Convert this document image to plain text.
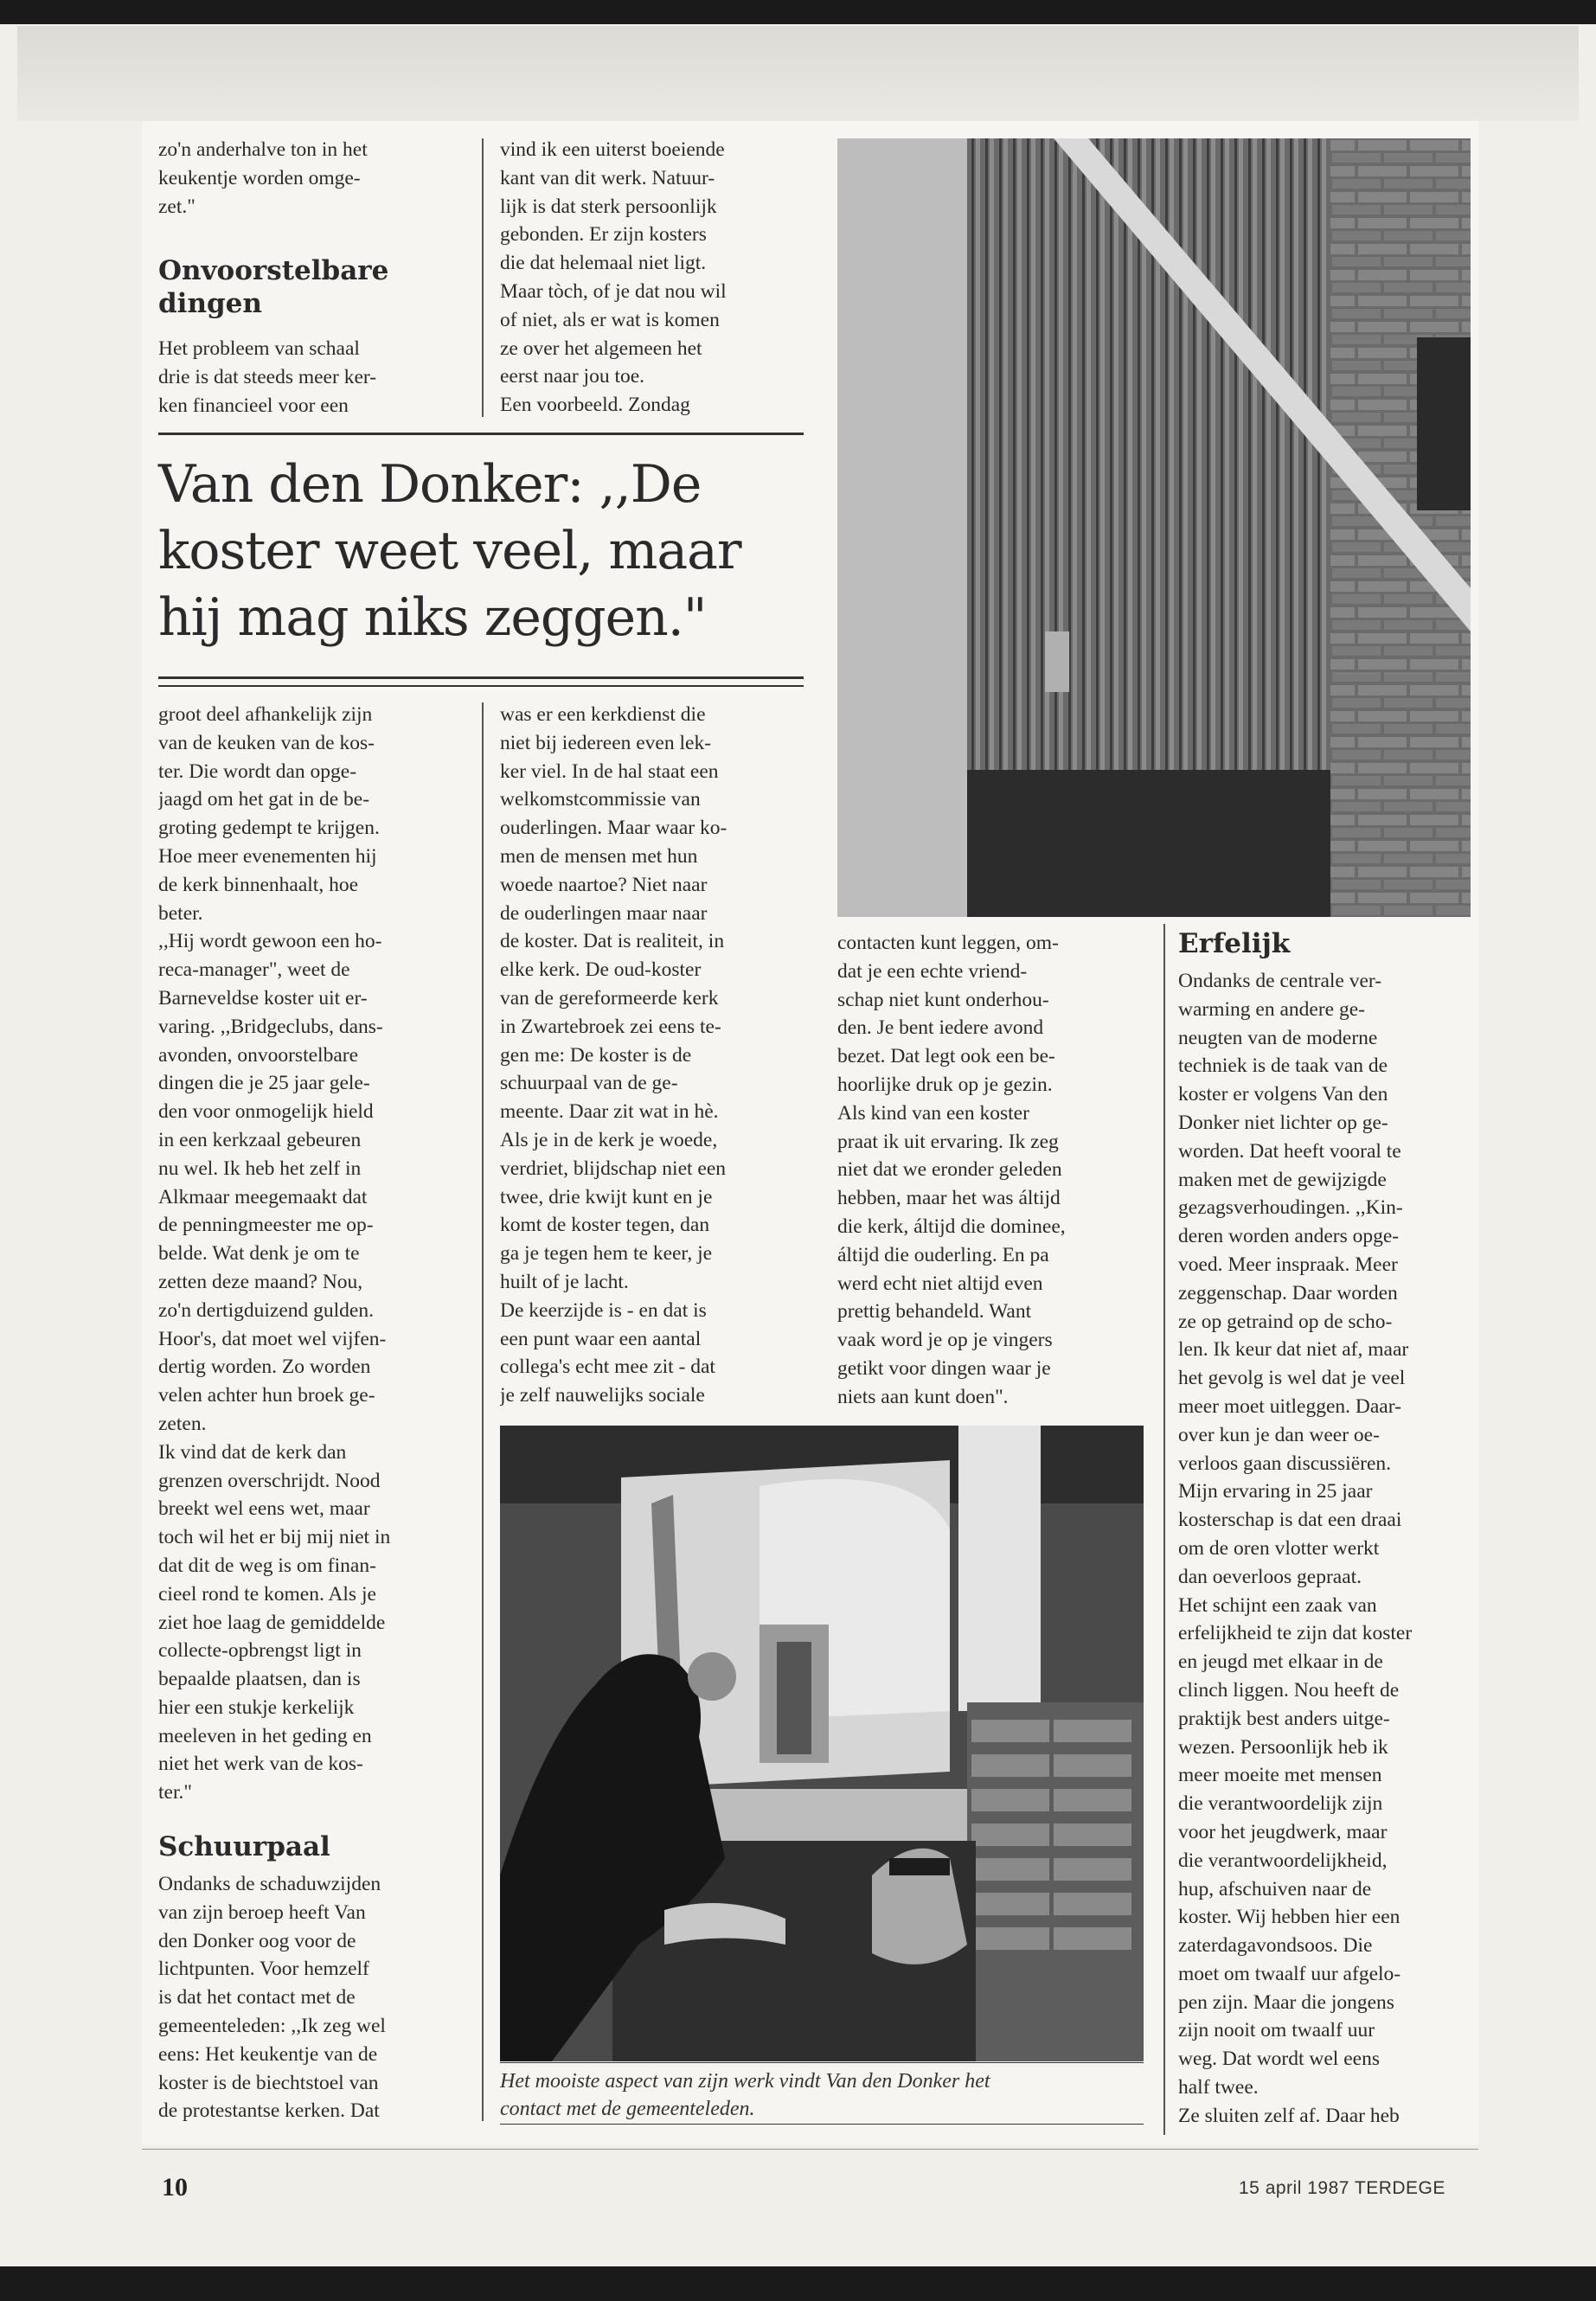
zo'n anderhalve ton in het
keukentje worden omge-
zet."

Onvoorstelbare
dingen

Het probleem van schaal
drie is dat steeds meer ker-
ken financieel voor een

vind ik een uiterst boeiende
kant van dit werk. Natuur-
lijk is dat sterk persoonlijk
gebonden. Er zijn kosters
die dat helemaal niet ligt.
Maar tòch, of je dat nou wil
of niet, als er wat is komen
ze over het algemeen het
eerst naar jou toe.
Een voorbeeld. Zondag

Van den Donker: ,,De
koster weet veel, maar
hij mag niks zeggen."

groot deel afhankelijk zijn
van de keuken van de kos-
ter. Die wordt dan opge-
jaagd om het gat in de be-
groting gedempt te krijgen.
Hoe meer evenementen hij
de kerk binnenhaalt, hoe
beter.
,,Hij wordt gewoon een ho-
reca-manager", weet de
Barneveldse koster uit er-
varing. ,,Bridgeclubs, dans-
avonden, onvoorstelbare
dingen die je 25 jaar gele-
den voor onmogelijk hield
in een kerkzaal gebeuren
nu wel. Ik heb het zelf in
Alkmaar meegemaakt dat
de penningmeester me op-
belde. Wat denk je om te
zetten deze maand? Nou,
zo'n dertigduizend gulden.
Hoor's, dat moet wel vijfen-
dertig worden. Zo worden
velen achter hun broek ge-
zeten.
Ik vind dat de kerk dan
grenzen overschrijdt. Nood
breekt wel eens wet, maar
toch wil het er bij mij niet in
dat dit de weg is om finan-
cieel rond te komen. Als je
ziet hoe laag de gemiddelde
collecte-opbrengst ligt in
bepaalde plaatsen, dan is
hier een stukje kerkelijk
meeleven in het geding en
niet het werk van de kos-
ter."

Schuurpaal

Ondanks de schaduwzijden
van zijn beroep heeft Van
den Donker oog voor de
lichtpunten. Voor hemzelf
is dat het contact met de
gemeenteleden: ,,Ik zeg wel
eens: Het keukentje van de
koster is de biechtstoel van
de protestantse kerken. Dat

was er een kerkdienst die
niet bij iedereen even lek-
ker viel. In de hal staat een
welkomstcommissie van
ouderlingen. Maar waar ko-
men de mensen met hun
woede naartoe? Niet naar
de ouderlingen maar naar
de koster. Dat is realiteit, in
elke kerk. De oud-koster
van de gereformeerde kerk
in Zwartebroek zei eens te-
gen me: De koster is de
schuurpaal van de ge-
meente. Daar zit wat in hè.
Als je in de kerk je woede,
verdriet, blijdschap niet een
twee, drie kwijt kunt en je
komt de koster tegen, dan
ga je tegen hem te keer, je
huilt of je lacht.
De keerzijde is - en dat is
een punt waar een aantal
collega's echt mee zit - dat
je zelf nauwelijks sociale

contacten kunt leggen, om-
dat je een echte vriend-
schap niet kunt onderhou-
den. Je bent iedere avond
bezet. Dat legt ook een be-
hoorlijke druk op je gezin.
Als kind van een koster
praat ik uit ervaring. Ik zeg
niet dat we eronder geleden
hebben, maar het was áltijd
die kerk, áltijd die dominee,
áltijd die ouderling. En pa
werd echt niet altijd even
prettig behandeld. Want
vaak word je op je vingers
getikt voor dingen waar je
niets aan kunt doen".

Erfelijk

Ondanks de centrale ver-
warming en andere ge-
neugten van de moderne
techniek is de taak van de
koster er volgens Van den
Donker niet lichter op ge-
worden. Dat heeft vooral te
maken met de gewijzigde
gezagsverhoudingen. ,,Kin-
deren worden anders opge-
voed. Meer inspraak. Meer
zeggenschap. Daar worden
ze op getraind op de scho-
len. Ik keur dat niet af, maar
het gevolg is wel dat je veel
meer moet uitleggen. Daar-
over kun je dan weer oe-
verloos gaan discussiëren.
Mijn ervaring in 25 jaar
kosterschap is dat een draai
om de oren vlotter werkt
dan oeverloos gepraat.
Het schijnt een zaak van
erfelijkheid te zijn dat koster
en jeugd met elkaar in de
clinch liggen. Nou heeft de
praktijk best anders uitge-
wezen. Persoonlijk heb ik
meer moeite met mensen
die verantwoordelijk zijn
voor het jeugdwerk, maar
die verantwoordelijkheid,
hup, afschuiven naar de
koster. Wij hebben hier een
zaterdagavondsoos. Die
moet om twaalf uur afgelo-
pen zijn. Maar die jongens
zijn nooit om twaalf uur
weg. Dat wordt wel eens
half twee.
Ze sluiten zelf af. Daar heb

Het mooiste aspect van zijn werk vindt Van den Donker het
contact met de gemeenteleden.

10	15 april 1987 TERDEGE
